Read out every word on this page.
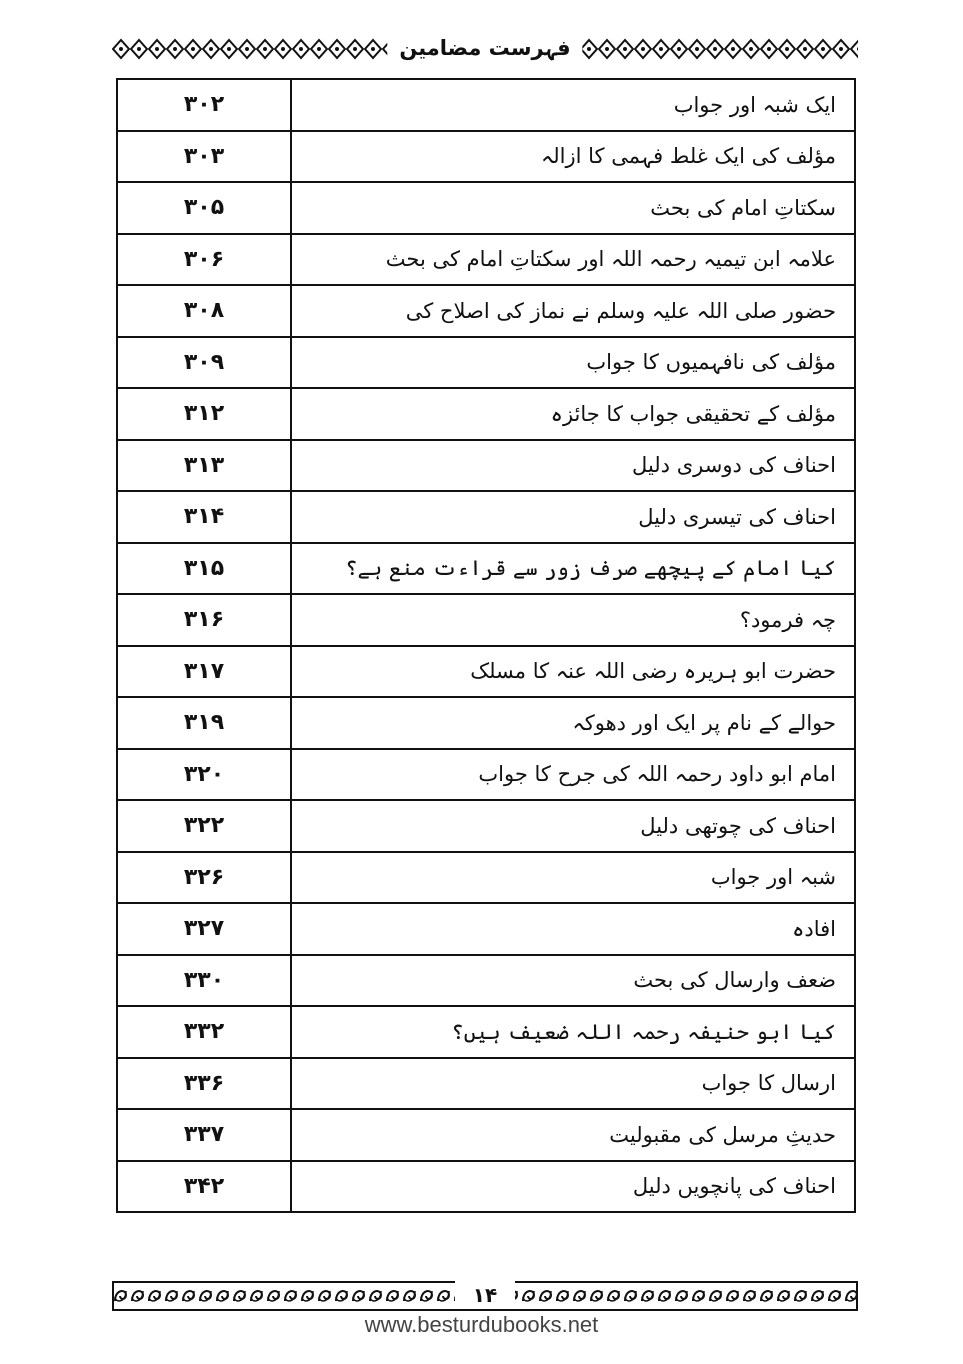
فہرست مضامین
۳۰۲	ایک شبہ اور جواب
۳۰۳	مؤلف کی ایک غلط فہمی کا ازالہ
۳۰۵	سکتاتِ امام کی بحث
۳۰۶	علامہ ابن تیمیہ رحمہ اللہ اور سکتاتِ امام کی بحث
۳۰۸	حضور صلی اللہ علیہ وسلم نے نماز کی اصلاح کی
۳۰۹	مؤلف کی نافہمیوں کا جواب
۳۱۲	مؤلف کے تحقیقی جواب کا جائزہ
۳۱۳	احناف کی دوسری دلیل
۳۱۴	احناف کی تیسری دلیل
۳۱۵	کیا امام کے پیچھے صرف زور سے قراءت منع ہے؟
۳۱۶	چہ فرمود؟
۳۱۷	حضرت ابو ہریرہ رضی اللہ عنہ کا مسلک
۳۱۹	حوالے کے نام پر ایک اور دھوکہ
۳۲۰	امام ابو داود رحمہ اللہ کی جرح کا جواب
۳۲۲	احناف کی چوتھی دلیل
۳۲۶	شبہ اور جواب
۳۲۷	افادہ
۳۳۰	ضعف وارسال کی بحث
۳۳۲	کیا ابو حنیفہ رحمہ اللہ ضعیف ہیں؟
۳۳۶	ارسال کا جواب
۳۳۷	حدیثِ مرسل کی مقبولیت
۳۴۲	احناف کی پانچویں دلیل
۱۴
www.besturdubooks.net
